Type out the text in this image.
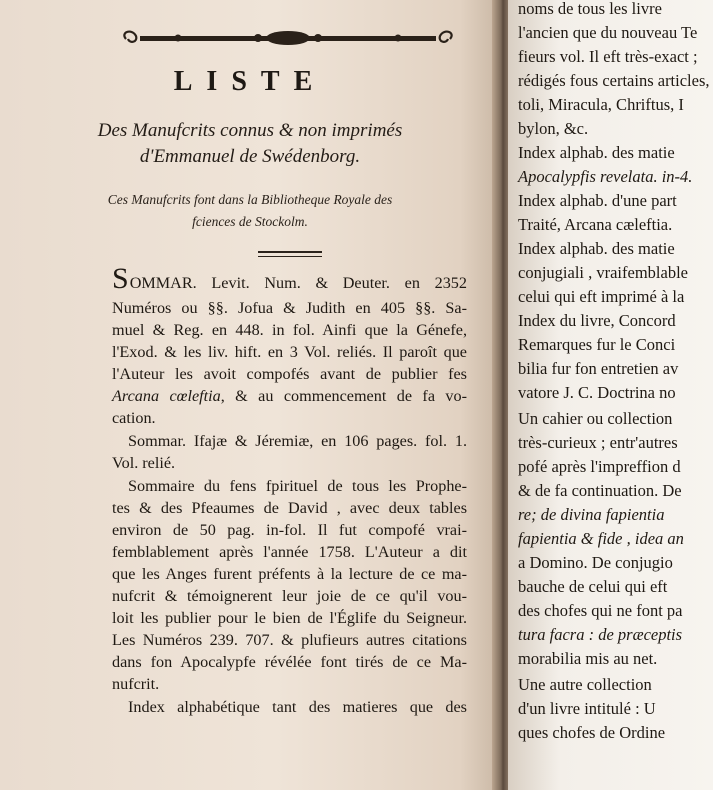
LISTE
Des Manufcrits connus & non imprimés
d'Emmanuel de Swédenborg.
Ces Manufcrits font dans la Bibliotheque Royale des
fciences de Stockolm.
SOMMAR. Levit. Num. & Deuter. en 2352
Numéros ou §§. Jofua & Judith en 405 §§. Sa-
muel & Reg. en 448. in fol. Ainfi que la Génefe,
l'Exod. & les liv. hift. en 3 Vol. reliés. Il paroît que
l'Auteur les avoit compofés avant de publier fes
Arcana cœleftia, & au commencement de fa vo-
cation.
Sommar. Ifajæ & Jéremiæ, en 106 pages. fol. 1.
Vol. relié.
Sommaire du fens fpirituel de tous les Prophe-
tes & des Pfeaumes de David , avec deux tables
environ de 50 pag. in-fol. Il fut compofé vrai-
femblablement après l'année 1758. L'Auteur a dit
que les Anges furent préfents à la lecture de ce ma-
nufcrit & témoignerent leur joie de ce qu'il vou-
loit les publier pour le bien de l'Églife du Seigneur.
Les Numéros 239. 707. & plufieurs autres citations
dans fon Apocalypfe révélée font tirés de ce Ma-
nufcrit.
Index alphabétique tant des matieres que des
noms de tous les livre
l'ancien que du nouveau Te
fieurs vol. Il eft très-exact ;
rédigés fous certains articles,
toli, Miracula, Chriftus, I
bylon, &c.
Index alphab. des matie
Apocalypfis revelata. in-4.
Index alphab. d'une part
Traité, Arcana cæleftia.
Index alphab. des matie
conjugiali , vraifemblable
celui qui eft imprimé à la
Index du livre, Concord
Remarques fur le Conci
bilia fur fon entretien av
vatore J. C. Doctrina no
Un cahier ou collection
très-curieux ; entr'autres
pofé après l'impreffion d
& de fa continuation. De
re; de divina fapientia
fapientia & fide , idea an
a Domino. De conjugio
bauche de celui qui eft
des chofes qui ne font pa
tura facra : de præceptis
morabilia mis au net.
Une autre collection
d'un livre intitulé : U
ques chofes de Ordine
